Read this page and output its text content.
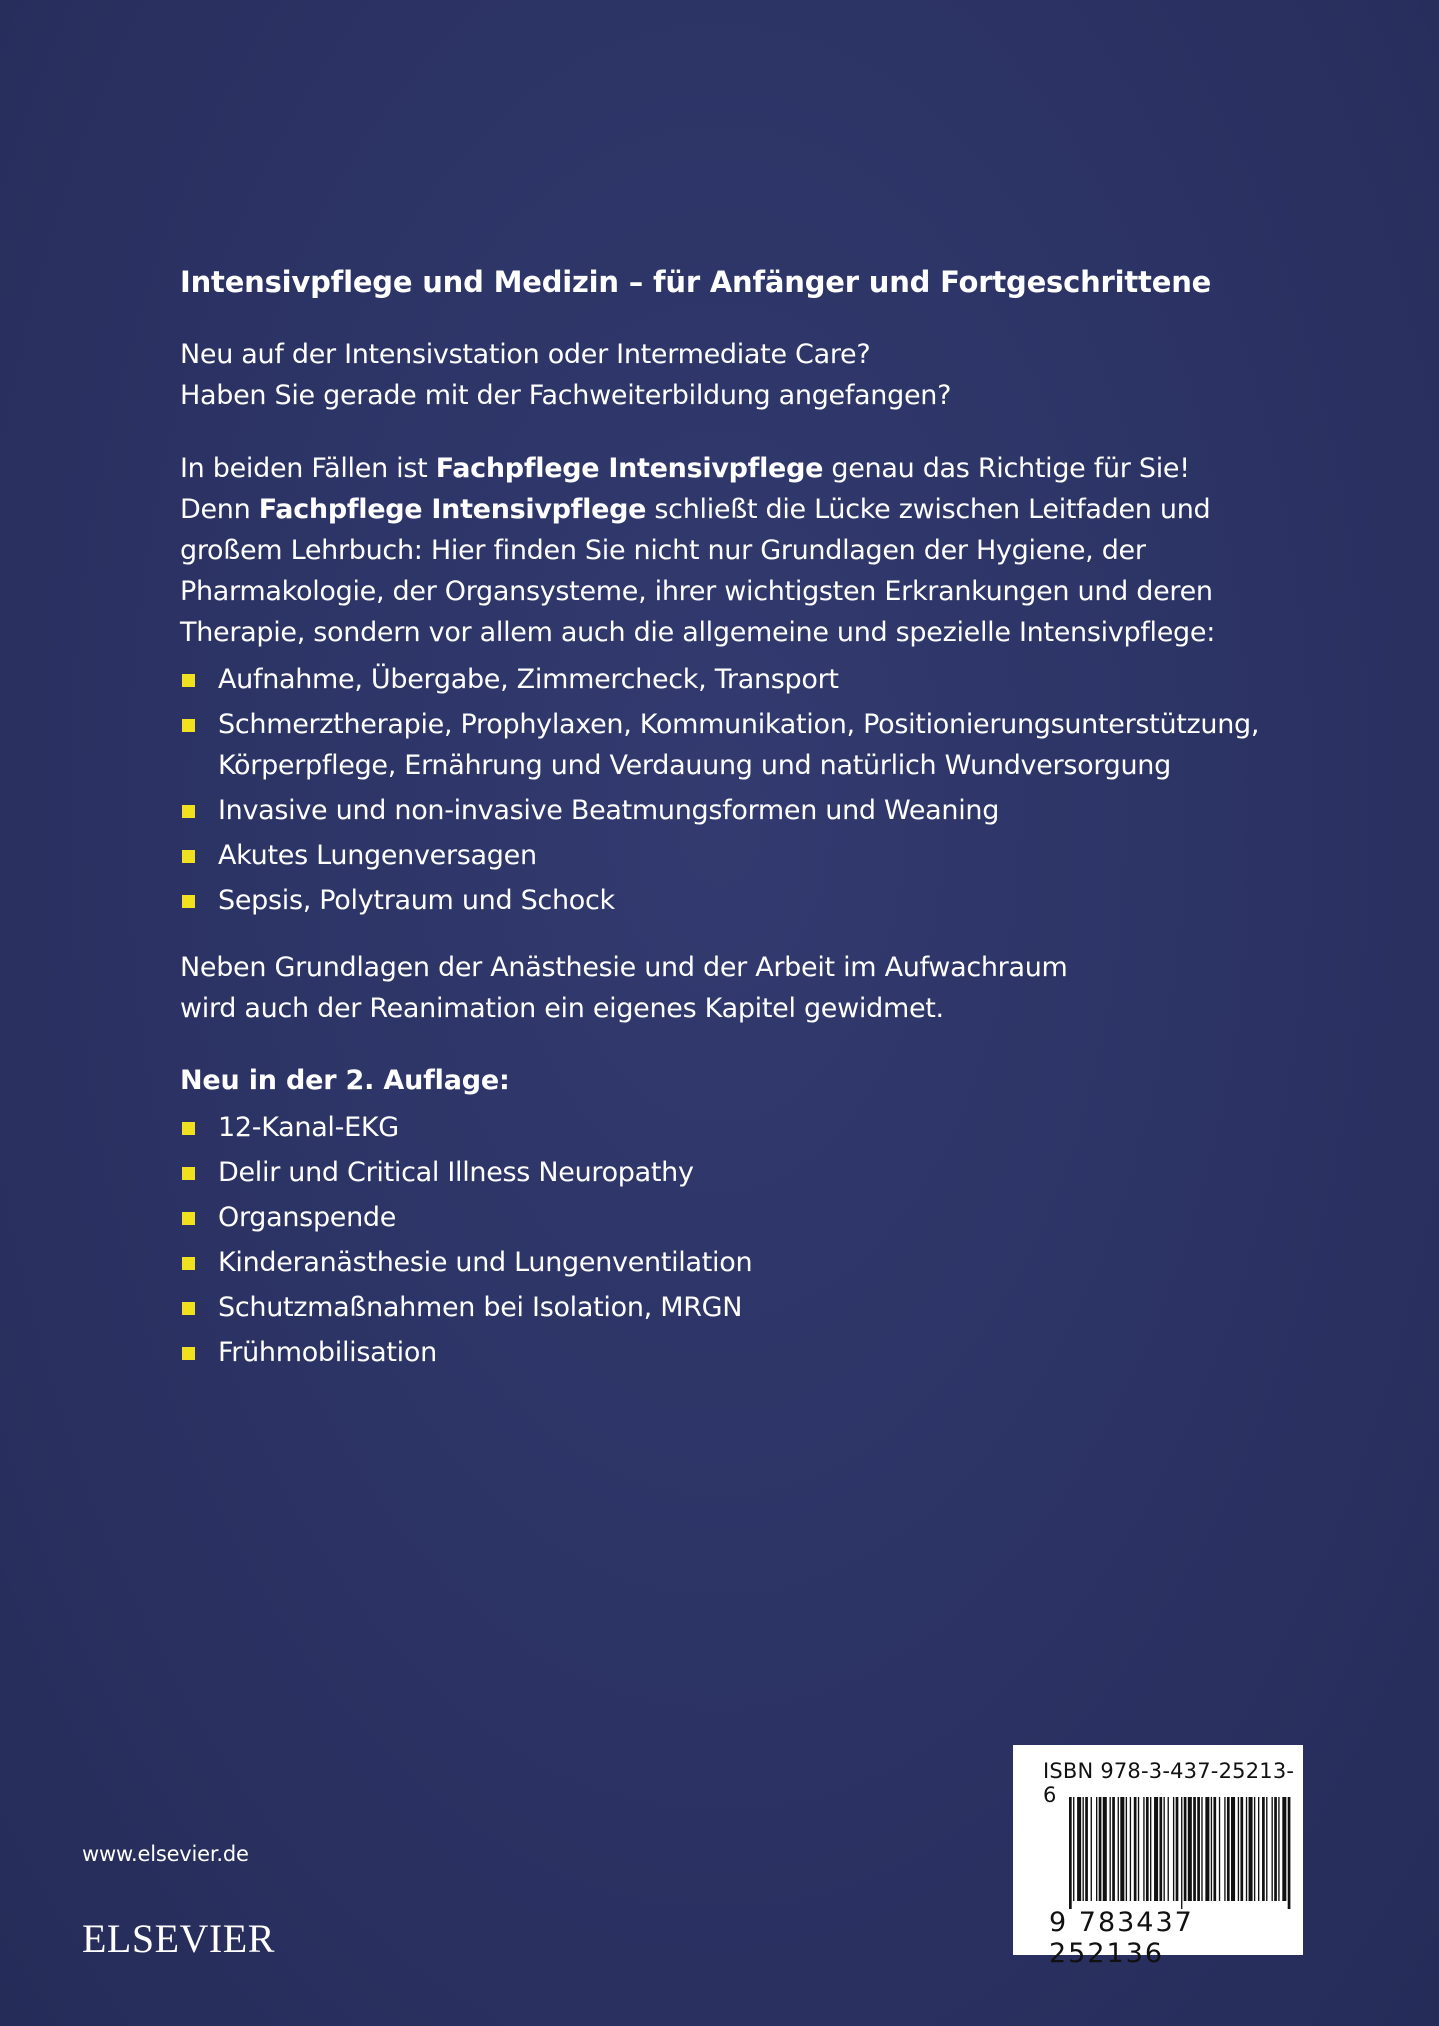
Intensivpflege und Medizin – für Anfänger und Fortgeschrittene

Neu auf der Intensivstation oder Intermediate Care?

Haben Sie gerade mit der Fachweiterbildung angefangen?

In beiden Fällen ist Fachpflege Intensivpflege genau das Richtige für Sie! Denn Fachpflege Intensivpflege schließt die Lücke zwischen Leitfaden und großem Lehrbuch: Hier finden Sie nicht nur Grundlagen der Hygiene, der Pharmakologie, der Organsysteme, ihrer wichtigsten Erkrankungen und deren Therapie, sondern vor allem auch die allgemeine und spezielle Intensivpflege:
Aufnahme, Übergabe, Zimmercheck, Transport
Schmerztherapie, Prophylaxen, Kommunikation, Positionierungsunterstützung, Körperpflege, Ernährung und Verdauung und natürlich Wundversorgung
Invasive und non-invasive Beatmungsformen und Weaning
Akutes Lungenversagen
Sepsis, Polytraum und Schock

Neben Grundlagen der Anästhesie und der Arbeit im Aufwachraum

wird auch der Reanimation ein eigenes Kapitel gewidmet.

Neu in der 2. Auflage:
12-Kanal-EKG
Delir und Critical Illness Neuropathy
Organspende
Kinderanästhesie und Lungenventilation
Schutzmaßnahmen bei Isolation, MRGN
Frühmobilisation
www.elsevier.de
ELSEVIER
ISBN 978-3-437-25213-6
9 783437 252136
